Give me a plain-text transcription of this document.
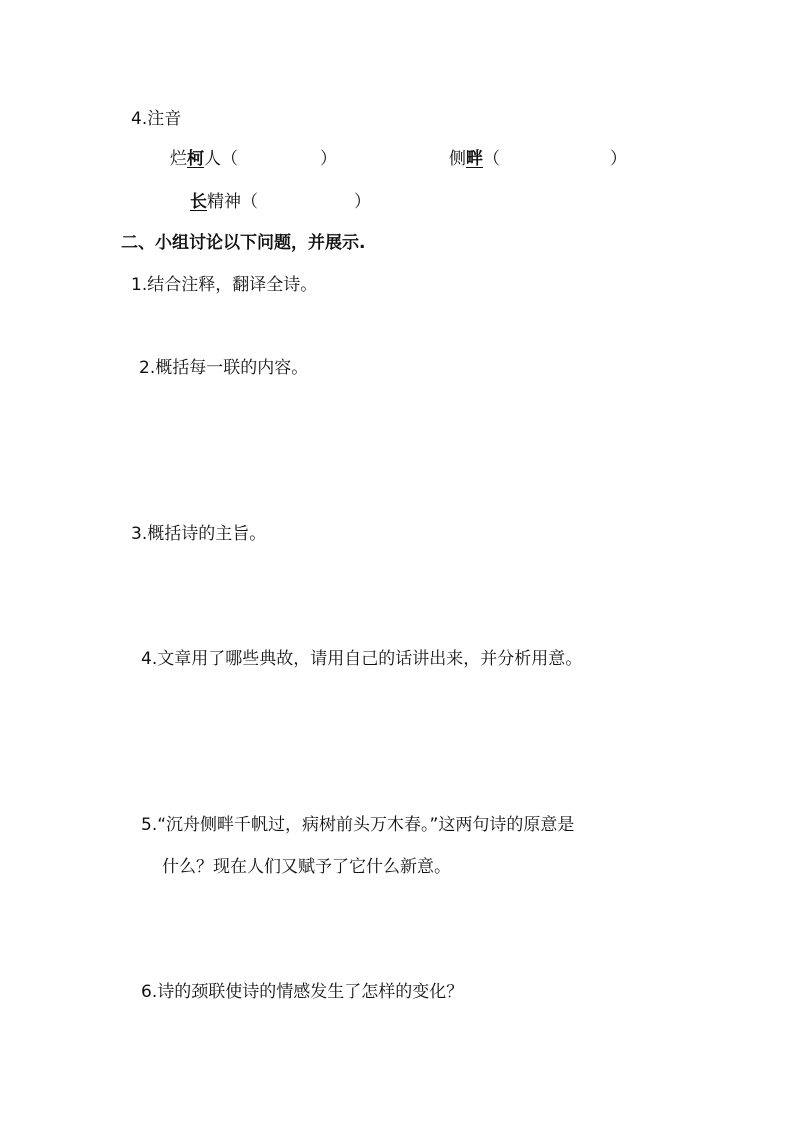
4.注音
烂柯人（	）	侧畔（	）
长精神（	）
二、小组讨论以下问题，并展示.
1.结合注释，翻译全诗。
2.概括每一联的内容。
3.概括诗的主旨。
4.文章用了哪些典故，请用自己的话讲出来，并分析用意。
5.“沉舟侧畔千帆过，病树前头万木春。”这两句诗的原意是
什么？现在人们又赋予了它什么新意。
6.诗的颈联使诗的情感发生了怎样的变化？
